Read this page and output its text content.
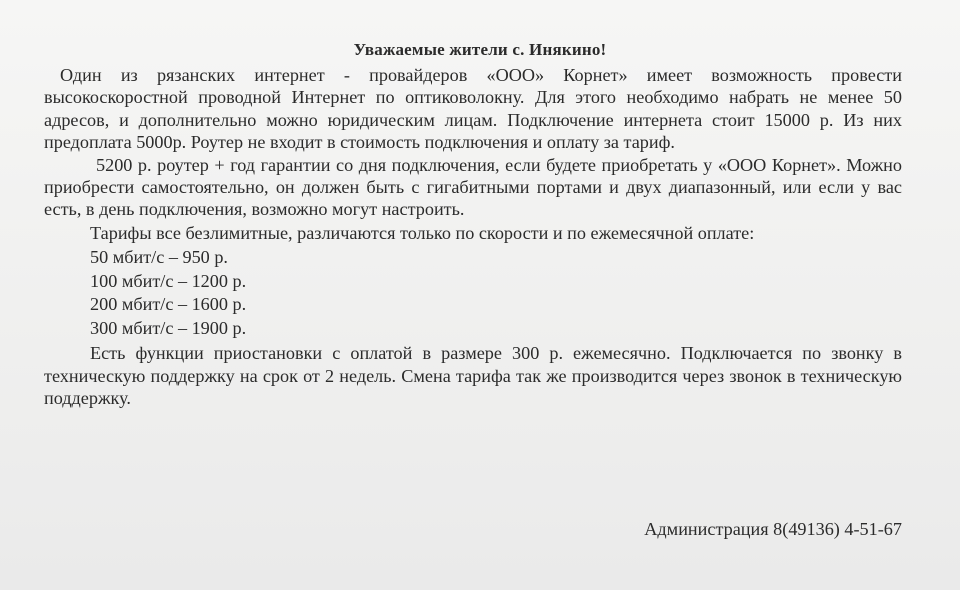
Уважаемые жители с. Инякино!

Один из рязанских интернет - провайдеров «ООО» Корнет» имеет возможность провести высокоскоростной проводной Интернет по оптиковолокну. Для этого необходимо набрать не менее 50 адресов, и дополнительно можно юридическим лицам. Подключение интернета стоит 15000 р. Из них предоплата 5000р. Роутер не входит в стоимость подключения и оплату за тариф.

5200 р. роутер + год гарантии со дня подключения, если будете приобретать у «ООО Корнет». Можно приобрести самостоятельно, он должен быть с гигабитными портами и двух диапазонный, или если у вас есть, в день подключения, возможно могут настроить.

Тарифы все безлимитные, различаются только по скорости и по ежемесячной оплате:

50 мбит/с – 950 р.
100 мбит/с – 1200 р.
200 мбит/с – 1600 р.
300 мбит/с – 1900 р.

Есть функции приостановки с оплатой в размере 300 р. ежемесячно. Подключается по звонку в техническую поддержку на срок от 2 недель. Смена тарифа так же производится через звонок в техническую поддержку.

Администрация 8(49136) 4-51-67
